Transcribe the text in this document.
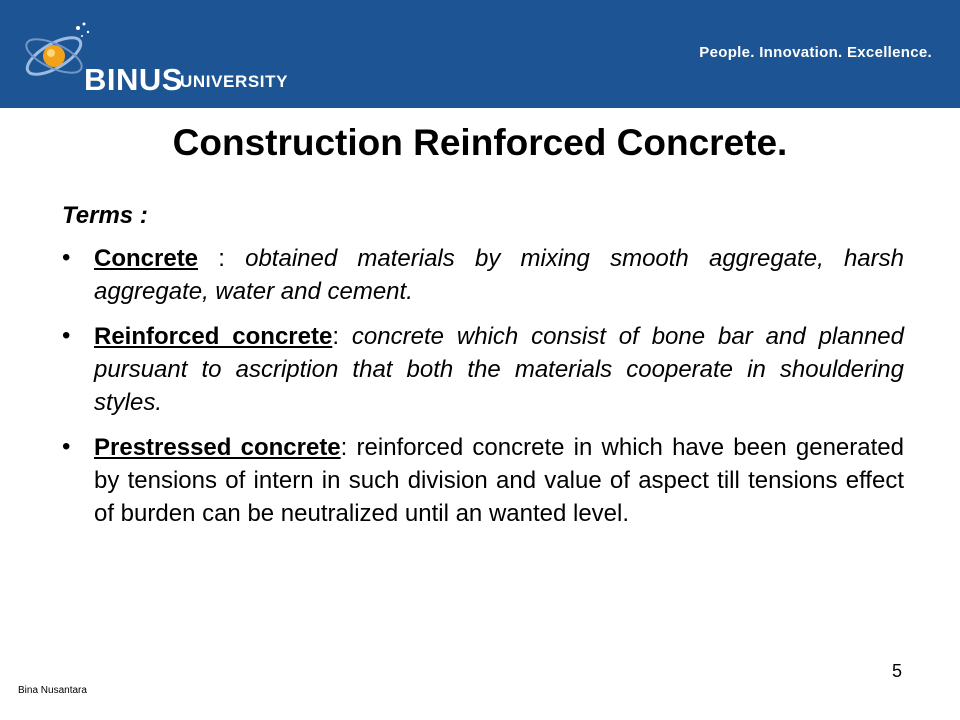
BINUS
UNIVERSITY
People. Innovation. Excellence.
Construction Reinforced Concrete.

Terms :

• Concrete : obtained materials by mixing smooth aggregate, harsh aggregate, water and cement.

• Reinforced concrete: concrete which consist of bone bar and planned pursuant to ascription that both the materials cooperate in shouldering styles.

• Prestressed concrete: reinforced concrete in which have been generated by tensions of intern in such division and value of aspect till tensions effect of burden can be neutralized until an wanted level.

Bina Nusantara
5
